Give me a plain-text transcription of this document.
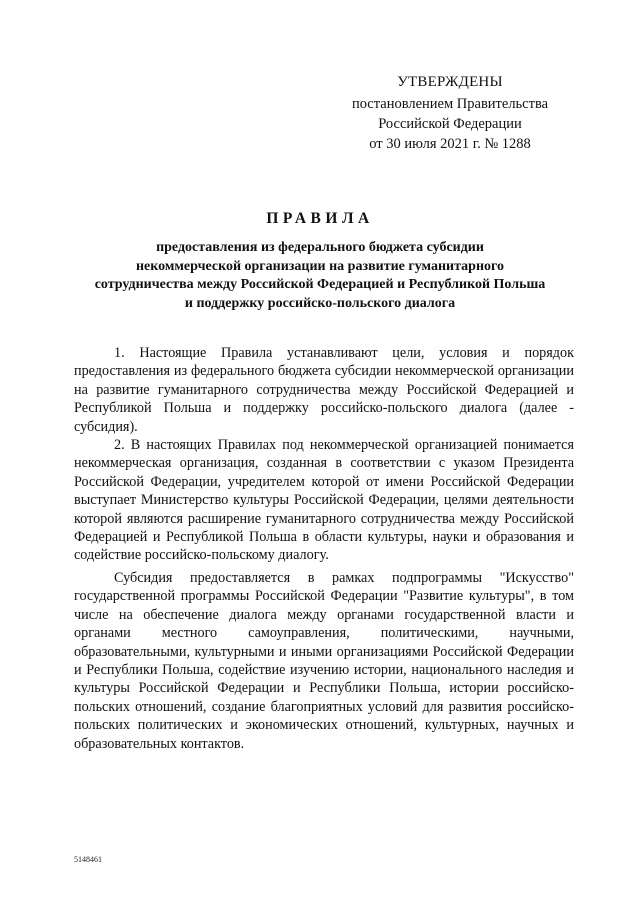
УТВЕРЖДЕНЫ
постановлением Правительства
Российской Федерации
от 30 июля 2021 г. № 1288
ПРАВИЛА
предоставления из федерального бюджета субсидии
некоммерческой организации на развитие гуманитарного
сотрудничества между Российской Федерацией и Республикой Польша
и поддержку российско-польского диалога

1. Настоящие Правила устанавливают цели, условия и порядок предоставления из федерального бюджета субсидии некоммерческой организации на развитие гуманитарного сотрудничества между Российской Федерацией и Республикой Польша и поддержку российско-польского диалога (далее - субсидия).

2. В настоящих Правилах под некоммерческой организацией понимается некоммерческая организация, созданная в соответствии с указом Президента Российской Федерации, учредителем которой от имени Российской Федерации выступает Министерство культуры Российской Федерации, целями деятельности которой являются расширение гуманитарного сотрудничества между Российской Федерацией и Республикой Польша в области культуры, науки и образования и содействие российско-польскому диалогу.

Субсидия предоставляется в рамках подпрограммы "Искусство" государственной программы Российской Федерации "Развитие культуры", в том числе на обеспечение диалога между органами государственной власти и органами местного самоуправления, политическими, научными, образовательными, культурными и иными организациями Российской Федерации и Республики Польша, содействие изучению истории, национального наследия и культуры Российской Федерации и Республики Польша, истории российско-польских отношений, создание благоприятных условий для развития российско-польских политических и экономических отношений, культурных, научных и образовательных контактов.

5148461
